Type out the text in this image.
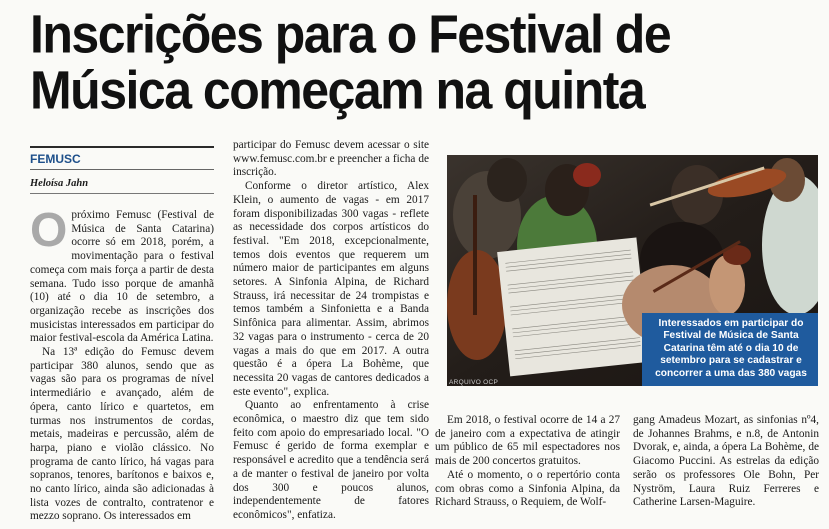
Inscrições para o Festival de Música começam na quinta
FEMUSC
Heloísa Jahn
O próximo Femusc (Festival de Música de Santa Catarina) ocorre só em 2018, porém, a movimentação para o festival começa com mais força a partir de desta semana. Tudo isso porque de amanhã (10) até o dia 10 de setembro, a organização recebe as inscrições dos musicistas interessados em participar do maior festival-escola da América Latina.

Na 13ª edição do Femusc devem participar 380 alunos, sendo que as vagas são para os programas de nível intermediário e avançado, além de ópera, canto lírico e quartetos, em turmas nos instrumentos de cordas, metais, madeiras e percussão, além de harpa, piano e violão clássico. No programa de canto lírico, há vagas para sopranos, tenores, barítonos e baixos e, no canto lírico, ainda são adicionadas à lista vozes de contralto, contratenor e mezzo soprano. Os interessados em

participar do Femusc devem acessar o site www.femusc.com.br e preencher a ficha de inscrição.

Conforme o diretor artístico, Alex Klein, o aumento de vagas - em 2017 foram disponibilizadas 300 vagas - reflete as necessidade dos corpos artísticos do festival. "Em 2018, excepcionalmente, temos dois eventos que requerem um número maior de participantes em alguns setores. A Sinfonia Alpina, de Richard Strauss, irá necessitar de 24 trompistas e temos também a Sinfonietta e a Banda Sinfônica para alimentar. Assim, abrimos 32 vagas para o instrumento - cerca de 20 vagas a mais do que em 2017. A outra questão é a ópera La Bohème, que necessita 20 vagas de cantores dedicados a este evento", explica.

Quanto ao enfrentamento à crise econômica, o maestro diz que tem sido feito com apoio do empresariado local. "O Femusc é gerido de forma exemplar e responsável e acredito que a tendência será a de manter o festival de janeiro por volta dos 300 e poucos alunos, independentemente de fatores econômicos", enfatiza.

Interessados em participar do Festival de Música de Santa Catarina têm até o dia 10 de setembro para se cadastrar e concorrer a uma das 380 vagas
ARQUIVO OCP

Em 2018, o festival ocorre de 14 a 27 de janeiro com a expectativa de atingir um público de 65 mil espectadores nos mais de 200 concertos gratuitos.

Até o momento, o o repertório conta com obras como a Sinfonia Alpina, da Richard Strauss, o Requiem, de Wolf-

gang Amadeus Mozart, as sinfonias nº4, de Johannes Brahms, e n.8, de Antonin Dvorak, e, ainda, a ópera La Bohème, de Giacomo Puccini. As estrelas da edição serão os professores Ole Bohn, Per Nyström, Laura Ruiz Ferreres e Catherine Larsen-Maguire.
